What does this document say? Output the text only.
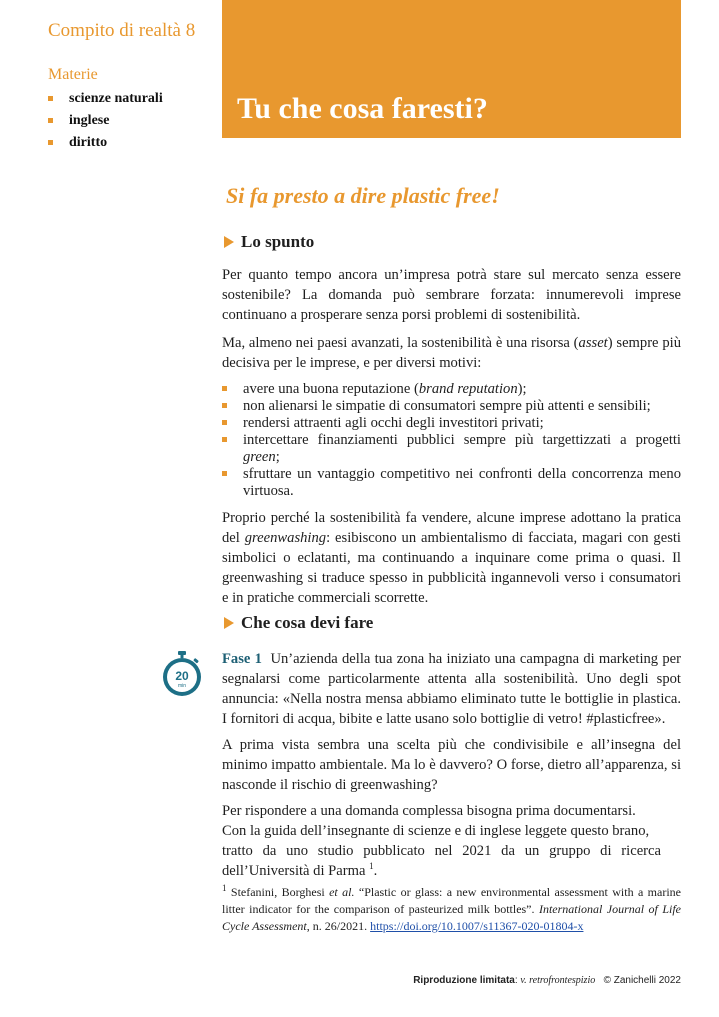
Compito di realtà 8
Materie
scienze naturali
inglese
diritto
Tu che cosa faresti?
Si fa presto a dire plastic free!
Lo spunto

Per quanto tempo ancora un’impresa potrà stare sul mercato senza essere sostenibile? La domanda può sembrare forzata: innumerevoli imprese continuano a prosperare senza porsi problemi di sostenibilità.

Ma, almeno nei paesi avanzati, la sostenibilità è una risorsa (asset) sempre più decisiva per le imprese, e per diversi motivi:

avere una buona reputazione (brand reputation);
non alienarsi le simpatie di consumatori sempre più attenti e sensibili;
rendersi attraenti agli occhi degli investitori privati;
intercettare finanziamenti pubblici sempre più targettizzati a progetti green;
sfruttare un vantaggio competitivo nei confronti della concorrenza meno virtuosa.

Proprio perché la sostenibilità fa vendere, alcune imprese adottano la pratica del greenwashing: esibiscono un ambientalismo di facciata, magari con gesti simbolici o eclatanti, ma continuando a inquinare come prima o quasi. Il greenwashing si traduce spesso in pubblicità ingannevoli verso i consumatori e in pratiche commerciali scorrette.

Che cosa devi fare
20
min

Fase 1 Un’azienda della tua zona ha iniziato una campagna di marketing per segnalarsi come particolarmente attenta alla sostenibilità. Uno degli spot annuncia: «Nella nostra mensa abbiamo eliminato tutte le bottiglie in plastica. I fornitori di acqua, bibite e latte usano solo bottiglie di vetro! #plasticfree».

A prima vista sembra una scelta più che condivisibile e all’insegna del minimo impatto ambientale. Ma lo è davvero? O forse, dietro all’apparenza, si nasconde il rischio di greenwashing?

Per rispondere a una domanda complessa bisogna prima documentarsi.
Con la guida dell’insegnante di scienze e di inglese leggete questo brano,
tratto da uno studio pubblicato nel 2021 da un gruppo di ricerca
dell’Università di Parma $^1$.

$^1$ Stefanini, Borghesi et al. “Plastic or glass: a new environmental assessment with a marine litter indicator for the comparison of pasteurized milk bottles”. International Journal of Life Cycle Assessment, n. 26/2021. https://doi.org/10.1007/s11367-020-01804-x

Riproduzione limitata: v. retrofrontespizio © Zanichelli 2022
